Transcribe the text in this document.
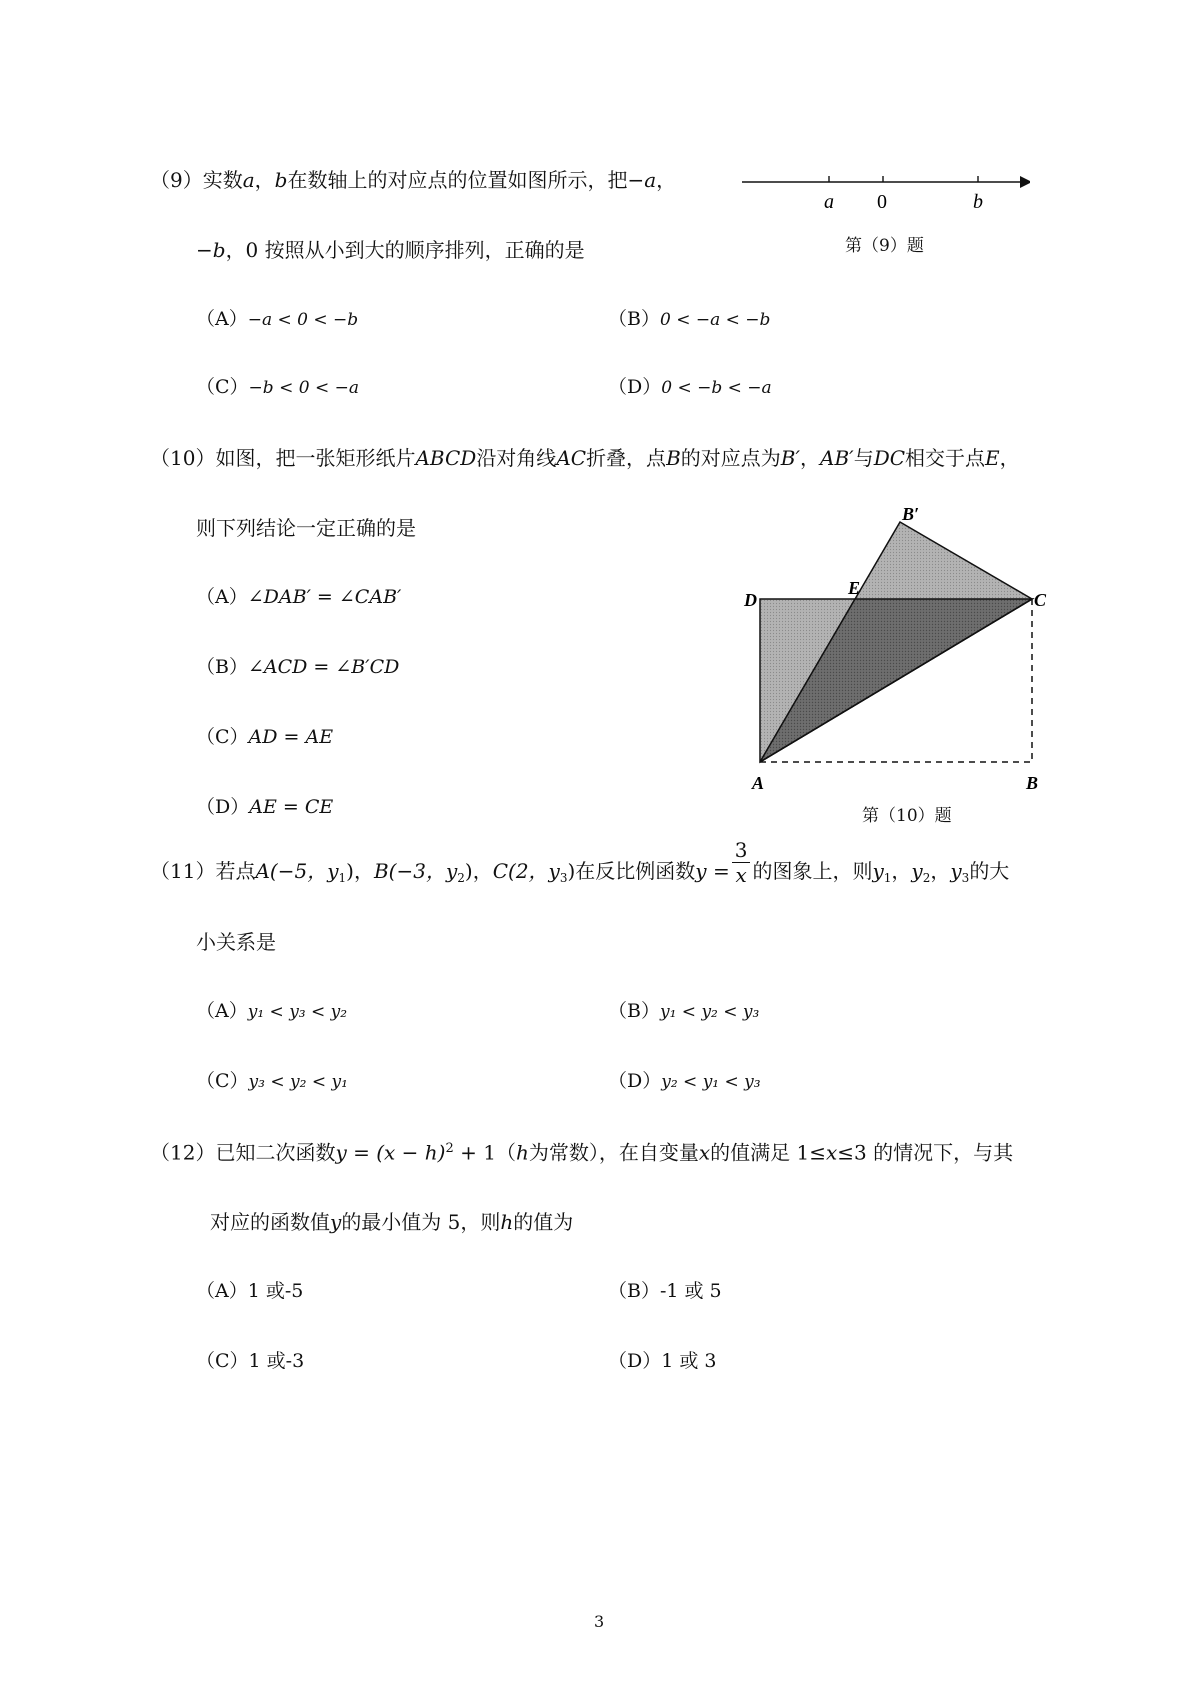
（9）实数a，b在数轴上的对应点的位置如图所示，把−a，
−b，0 按照从小到大的顺序排列，正确的是
a 0	b
第（9）题
（A）−a < 0 < −b	（B）0 < −a < −b
（C）−b < 0 < −a	（D）0 < −b < −a
（10）如图，把一张矩形纸片ABCD沿对角线AC折叠，点B的对应点为B′，AB′与DC相交于点E，
则下列结论一定正确的是
（A）∠DAB′ = ∠CAB′
（B）∠ACD = ∠B′CD
（C）AD = AE
（D）AE = CE
A	B
C
D
E
B′
第（10）题
（11）若点A(−5，$y_1$)，B(−3，$y_2$)，C(2，$y_3$)在反比例函数$y = \frac{3}{x}$ 的图象上，则$y_1$，$y_2$，$y_3$的大
小关系是
（A）y₁ < y₃ < y₂	（B）y₁ < y₂ < y₃
（C）y₃ < y₂ < y₁	（D）y₂ < y₁ < y₃
（12）已知二次函数$y = (x - h)^2 + 1(h$为常数），在自变量x的值满足 1≤x≤3 的情况下，与其
对应的函数值y的最小值为 5，则h的值为
（A）1 或-5	（B）-1 或 5
（C）1 或-3	（D）1 或 3
3
